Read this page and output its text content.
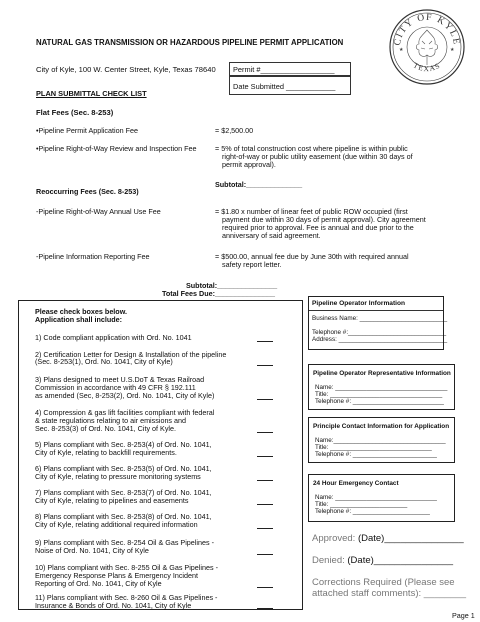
CITY OF KYLE
TEXAS
★	★
NATURAL GAS TRANSMISSION OR HAZARDOUS PIPELINE PERMIT APPLICATION
City of Kyle, 100 W. Center Street, Kyle, Texas 78640 Permit #__________________
Date Submitted ____________
PLAN SUBMITTAL CHECK LIST
Flat Fees (Sec. 8-253)
•Pipeline Permit Application Fee	= $2,500.00
•Pipeline Right-of-Way Review and Inspection Fee	= 5% of total construction cost where pipeline is within public
right-of-way or public utility easement (due within 30 days of
permit approval).
Subtotal:______________
Reoccurring Fees (Sec. 8-253)
-Pipeline Right-of-Way Annual Use Fee	= $1.80 x number of linear feet of public ROW occupied (first
payment due within 30 days of permit approval). City agreement
required prior to approval. Fee is annual and due prior to the
anniversary of said agreement.
-Pipeline Information Reporting Fee	= $500.00, annual fee due by June 30th with required annual
safety report letter.
Subtotal:_______________
Total Fees Due:_______________
Please check boxes below.
Application shall include:
1) Code compliant application with Ord. No. 1041
2) Certification Letter for Design & Installation of the pipeline
(Sec. 8-253(1), Ord. No. 1041, City of Kyle)
3) Plans designed to meet U.S.DoT & Texas Railroad
Commission in accordance with 49 CFR § 192.111
as amended (Sec, 8-253(2), Ord. No. 1041, City of Kyle)
4) Compression & gas lift facilities compliant with federal
& state regulations relating to air emissions and
Sec. 8-253(3) of Ord. No. 1041, City of Kyle.
5) Plans compliant with Sec. 8-253(4) of Ord. No. 1041,
City of Kyle, relating to backfill requirements.
6) Plans compliant with Sec. 8-253(5) of Ord. No. 1041,
City of Kyle, relating to pressure monitoring systems
7) Plans compliant with Sec. 8-253(7) of Ord. No. 1041,
City of Kyle, relating to pipelines and easements
8) Plans compliant with Sec. 8-253(8) of Ord. No. 1041,
City of Kyle, relating additional required information
9) Plans compliant with Sec. 8-254 Oil & Gas Pipelines -
Noise of Ord. No. 1041, City of Kyle
10) Plans compliant with Sec. 8-255 Oil & Gas Pipelines -
Emergency Response Plans & Emergency Incident
Reporting of Ord. No. 1041, City of Kyle
11) Plans compliant with Sec. 8-260 Oil & Gas Pipelines -
Insurance & Bonds of Ord. No. 1041, City of Kyle
Pipeline Operator Information
Business Name: _________________________
Telephone #:____________________________
Address: _______________________________
Pipeline Operator Representative Information
Name: ________________________________
Title: ________________________________
Telephone #: __________________________
Principle Contact Information for Application
Name:________________________________
Title: _____________________________
Telephone #: ________________________
24 Hour Emergency Contact
Name: _____________________________
Title: ______________________
Telephone #: ______________________
Approved: (Date)_______________
Denied: (Date)_______________
Corrections Required (Please see
attached staff comments): ________
Page 1
